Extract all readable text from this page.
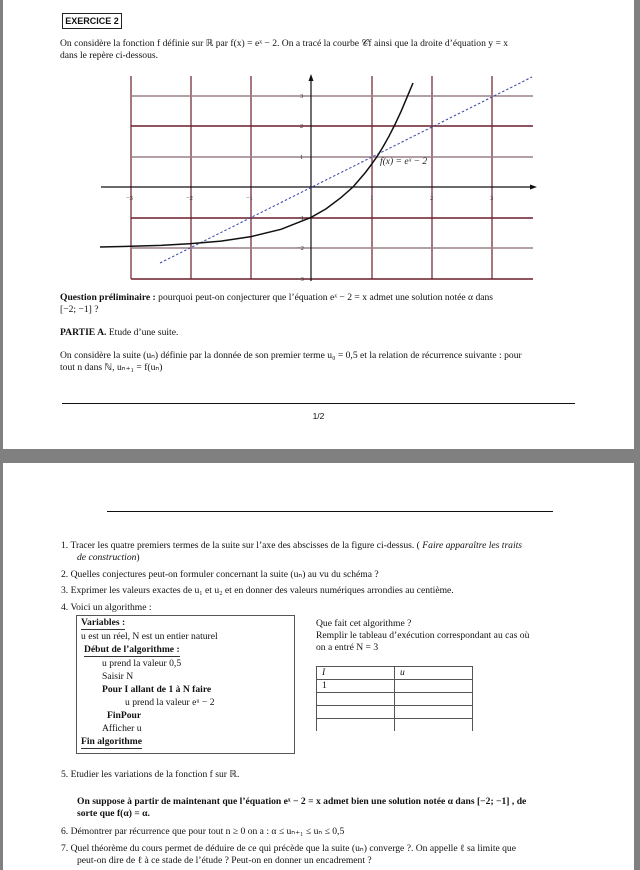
EXERCICE 2
On considère la fonction f définie sur ℝ par f(x) = eˣ − 2. On a tracé la courbe 𝒞f ainsi que la droite d’équation y = x
dans le repère ci-dessous.
−3	−2	−1	1	2	3
3
2
1
−1
−2
−3
f(x) = eˣ − 2
Question préliminaire : pourquoi peut-on conjecturer que l’équation eˣ − 2 = x admet une solution notée α dans
[−2; −1] ?
PARTIE A. Etude d’une suite.
On considère la suite (uₙ) définie par la donnée de son premier terme u₀ = 0,5 et la relation de récurrence suivante : pour
tout n dans ℕ, uₙ₊₁ = f(uₙ)
1/2
1. Tracer les quatre premiers termes de la suite sur l’axe des abscisses de la figure ci-dessus. ( Faire apparaître les traits
de construction)
2. Quelles conjectures peut-on formuler concernant la suite (uₙ) au vu du schéma ?
3. Exprimer les valeurs exactes de u₁ et u₂ et en donner des valeurs numériques arrondies au centième.
4. Voici un algorithme :
Variables :
u est un réel, N est un entier naturel
Début de l’algorithme :
u prend la valeur 0,5
Saisir N
Pour I allant de 1 à N faire
u prend la valeur eᵘ − 2
FinPour
Afficher u
Fin algorithme
Que fait cet algorithme ?
Remplir le tableau d’exécution correspondant au cas où
on a entré N = 3
I	u
1	

5. Etudier les variations de la fonction f sur ℝ.
On suppose à partir de maintenant que l’équation eˣ − 2 = x admet bien une solution notée α dans [−2; −1] , de
sorte que f(α) = α.
6. Démontrer par récurrence que pour tout n ≥ 0 on a : α ≤ uₙ₊₁ ≤ uₙ ≤ 0,5
7. Quel théorème du cours permet de déduire de ce qui précède que la suite (uₙ) converge ?. On appelle ℓ sa limite que
peut-on dire de ℓ à ce stade de l’étude ? Peut-on en donner un encadrement ?
